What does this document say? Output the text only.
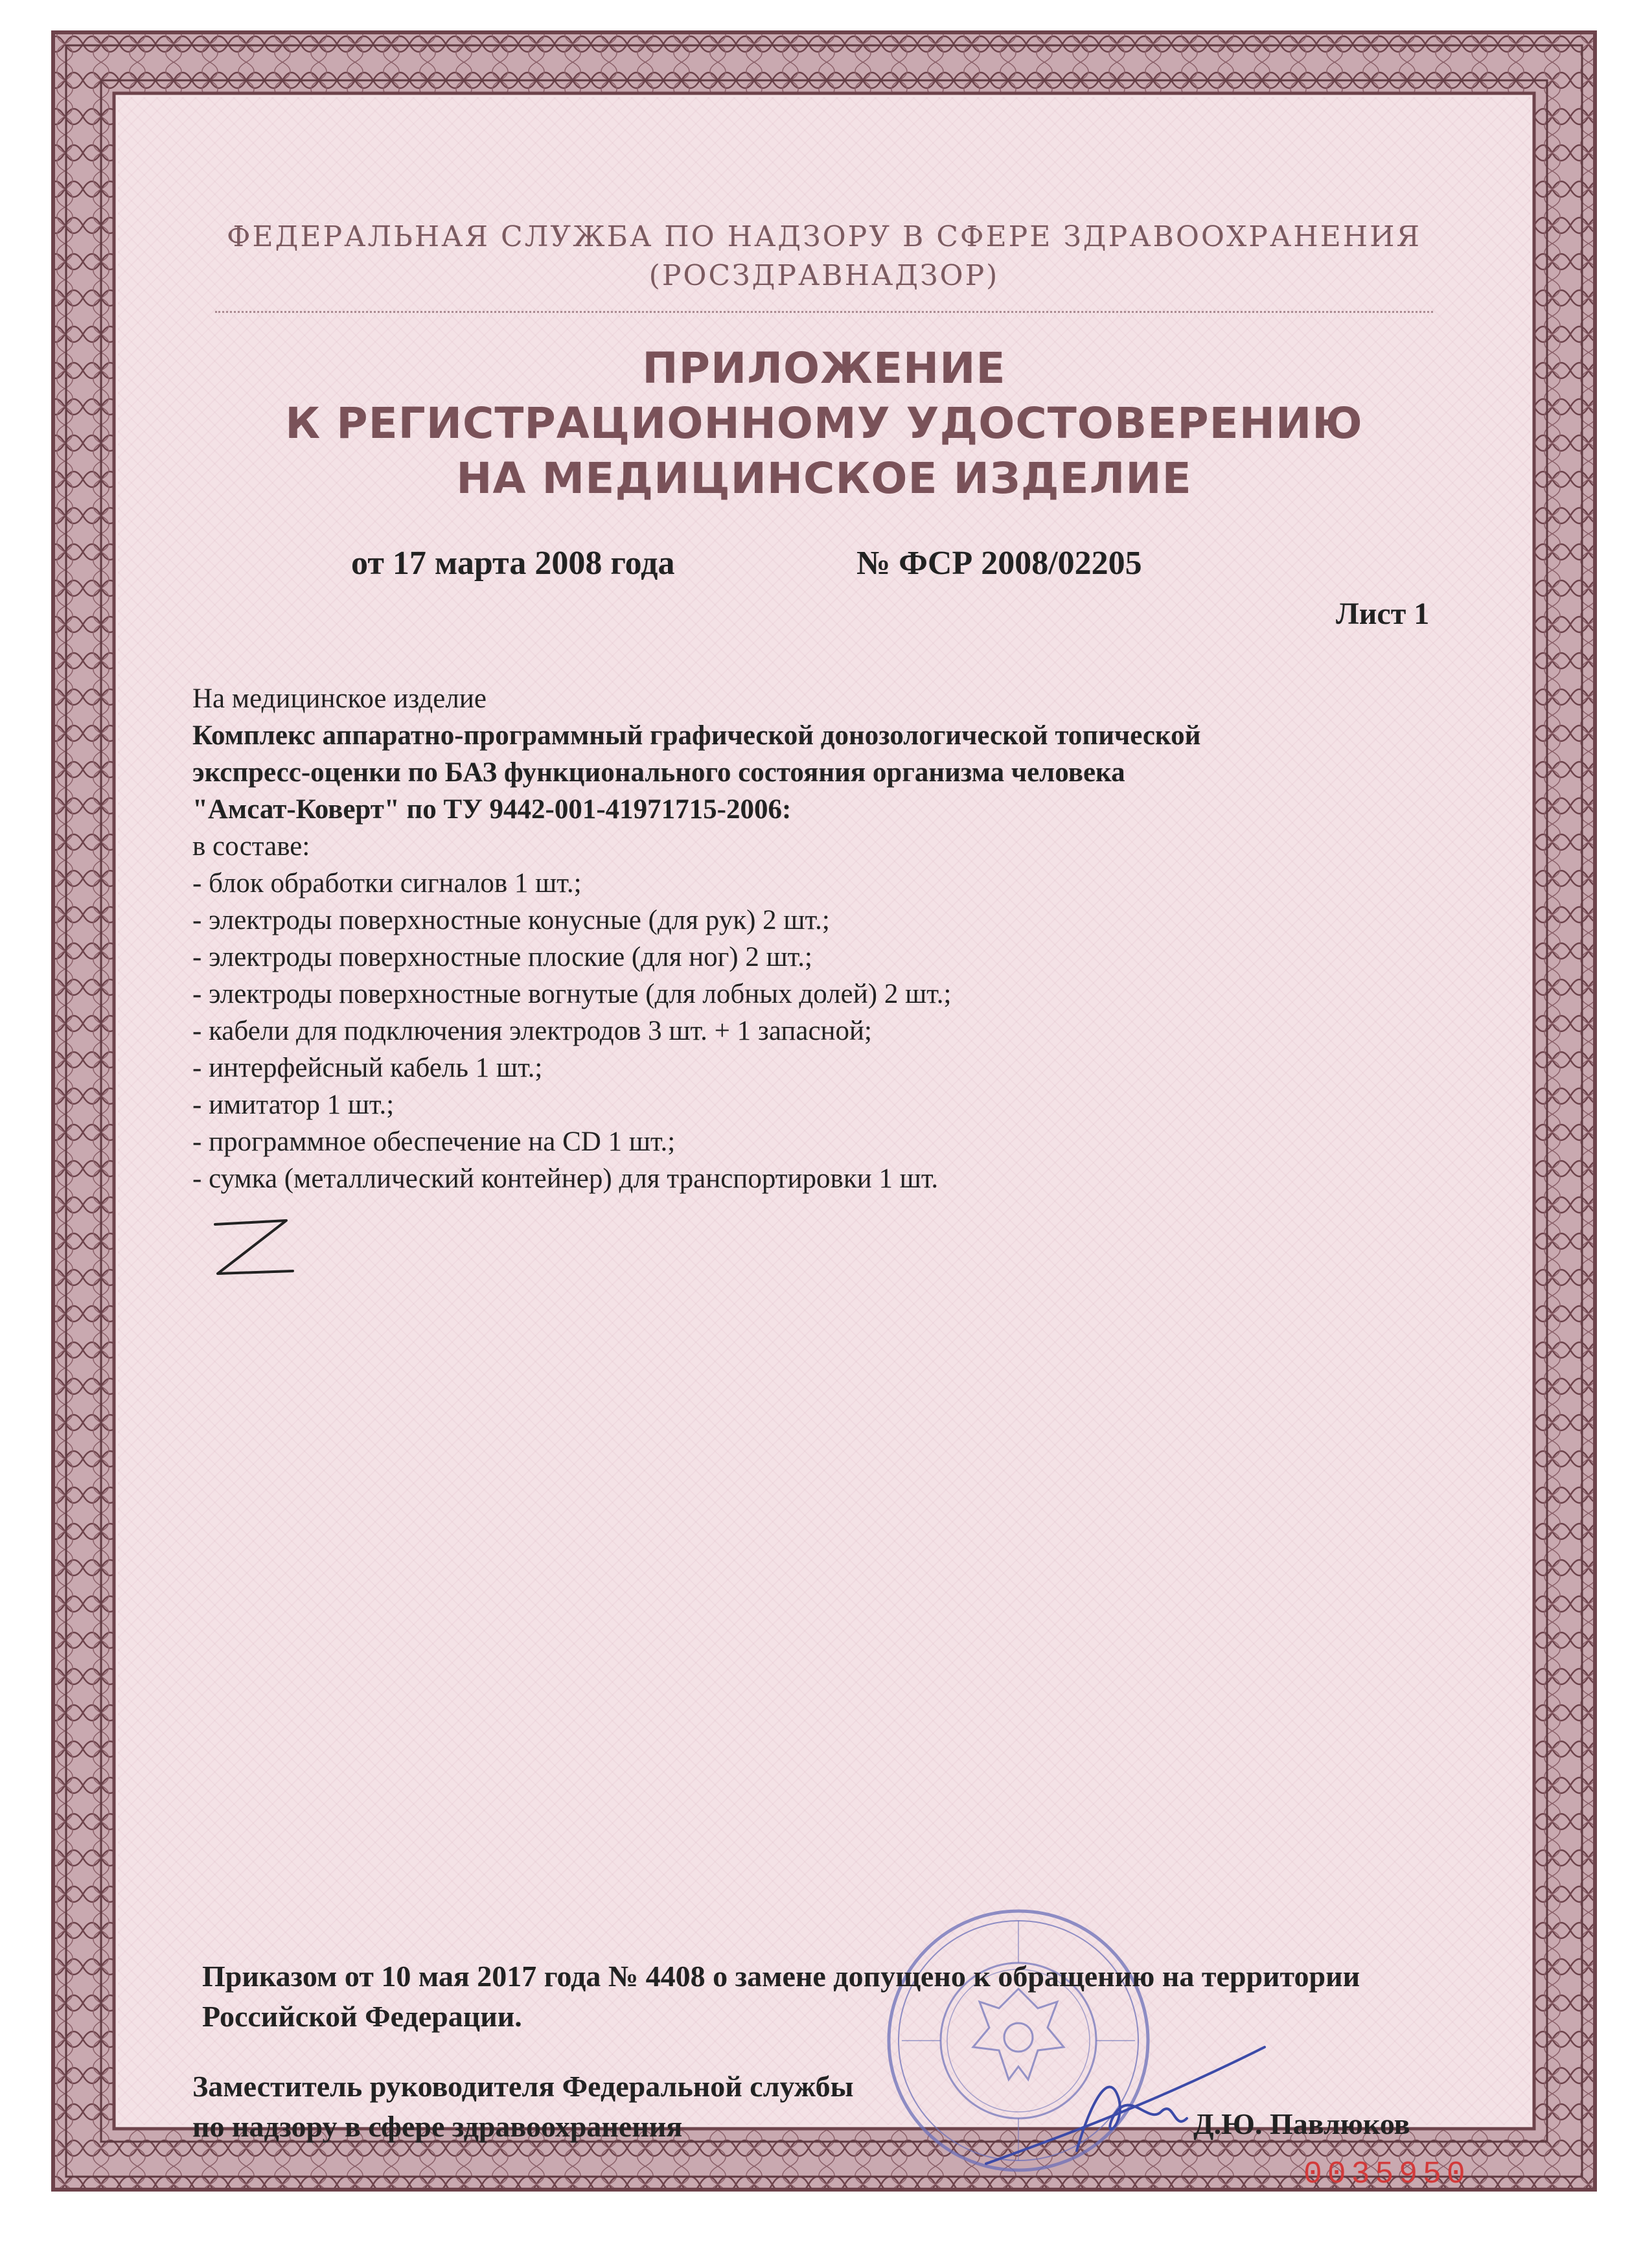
ФЕДЕРАЛЬНАЯ СЛУЖБА ПО НАДЗОРУ В СФЕРЕ ЗДРАВООХРАНЕНИЯ
(РОСЗДРАВНАДЗОР)
ПРИЛОЖЕНИЕ
К РЕГИСТРАЦИОННОМУ УДОСТОВЕРЕНИЮ
НА МЕДИЦИНСКОЕ ИЗДЕЛИЕ
от 17 марта 2008 года	№ ФСР 2008/02205
Лист 1
На медицинское изделие
Комплекс аппаратно-программный графической донозологической топической
экспресс-оценки по БАЗ функционального состояния организма человека
"Амсат-Коверт" по ТУ 9442-001-41971715-2006:
в составе:
- блок обработки сигналов 1 шт.;
- электроды поверхностные конусные (для рук) 2 шт.;
- электроды поверхностные плоские (для ног) 2 шт.;
- электроды поверхностные вогнутые (для лобных долей) 2 шт.;
- кабели для подключения электродов 3 шт. + 1 запасной;
- интерфейсный кабель 1 шт.;
- имитатор 1 шт.;
- программное обеспечение на CD 1 шт.;
- сумка (металлический контейнер) для транспортировки 1 шт.
Приказом от 10 мая 2017 года № 4408 о замене допущено к обращению на территории
Российской Федерации.
Заместитель руководителя Федеральной службы
по надзору в сфере здравоохранения	Д.Ю. Павлюков
0035950
